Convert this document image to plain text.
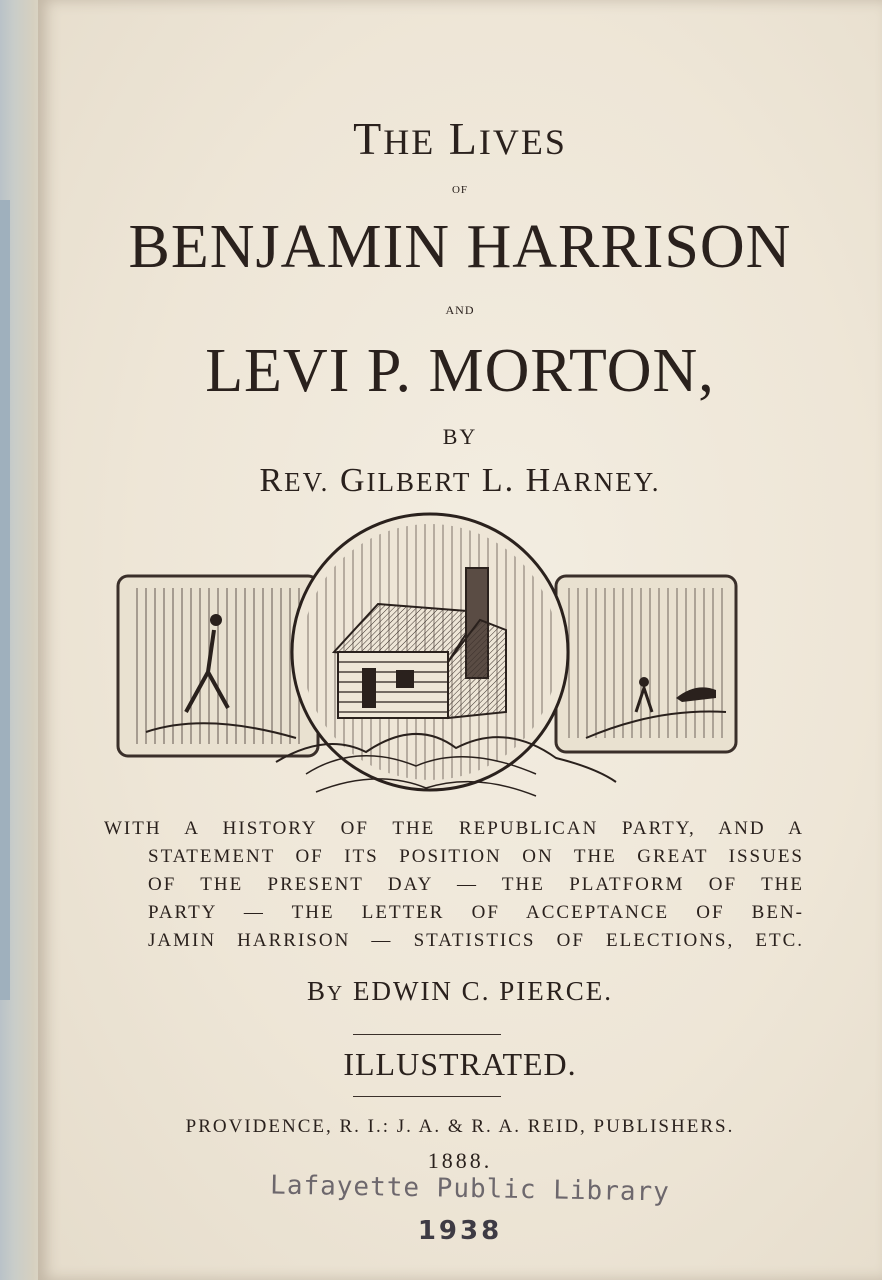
THE LIVES
OF
BENJAMIN HARRISON
AND
LEVI P. MORTON,
BY
REV. GILBERT L. HARNEY.
WITH A HISTORY OF THE REPUBLICAN PARTY, AND A
STATEMENT OF ITS POSITION ON THE GREAT ISSUES
OF THE PRESENT DAY — THE PLATFORM OF THE
PARTY — THE LETTER OF ACCEPTANCE OF BEN-
JAMIN HARRISON — STATISTICS OF ELECTIONS, ETC.
BY EDWIN C. PIERCE.
ILLUSTRATED.
PROVIDENCE, R. I.: J. A. & R. A. REID, PUBLISHERS.
1888.
Lafayette Public Library
1938
